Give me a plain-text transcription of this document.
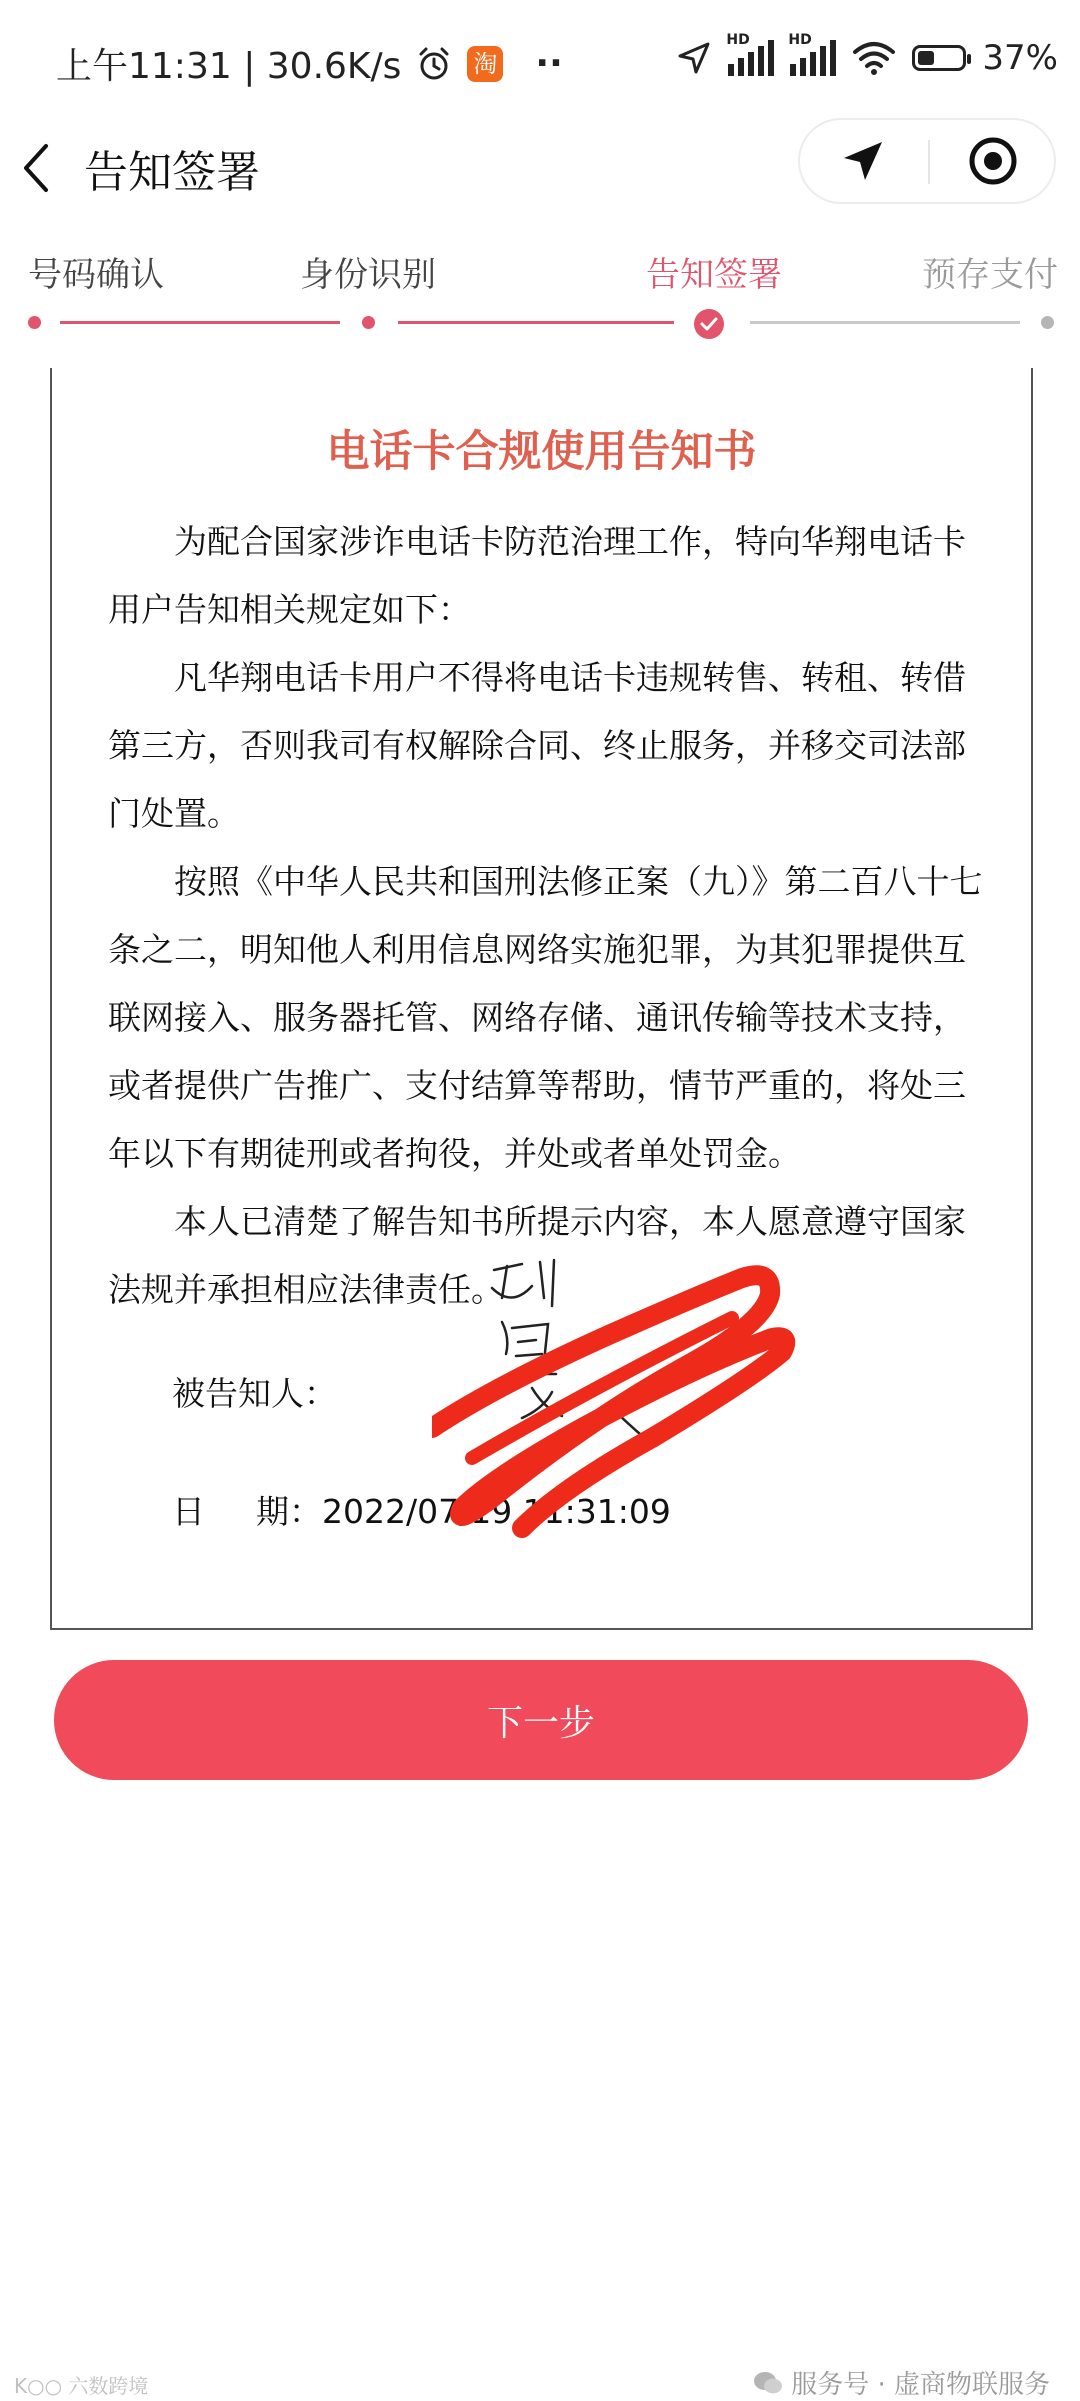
上午11:31 | 30.6K/s	淘 ··
HD	HD	37%
告知签署
号码确认	身份识别	告知签署	预存支付
电话卡合规使用告知书

为配合国家涉诈电话卡防范治理工作，特向华翔电话卡用户告知相关规定如下：

凡华翔电话卡用户不得将电话卡违规转售、转租、转借第三方，否则我司有权解除合同、终止服务，并移交司法部门处置。

按照《中华人民共和国刑法修正案（九）》第二百八十七条之二，明知他人利用信息网络实施犯罪，为其犯罪提供互联网接入、服务器托管、网络存储、通讯传输等技术支持，或者提供广告推广、支付结算等帮助，情节严重的，将处三年以下有期徒刑或者拘役，并处或者单处罚金。

本人已清楚了解告知书所提示内容，本人愿意遵守国家法规并承担相应法律责任。

被告知人：
日 期：2022/07/19 11:31:09
下一步
K○○ 六数跨境	服务号 · 虚商物联服务
